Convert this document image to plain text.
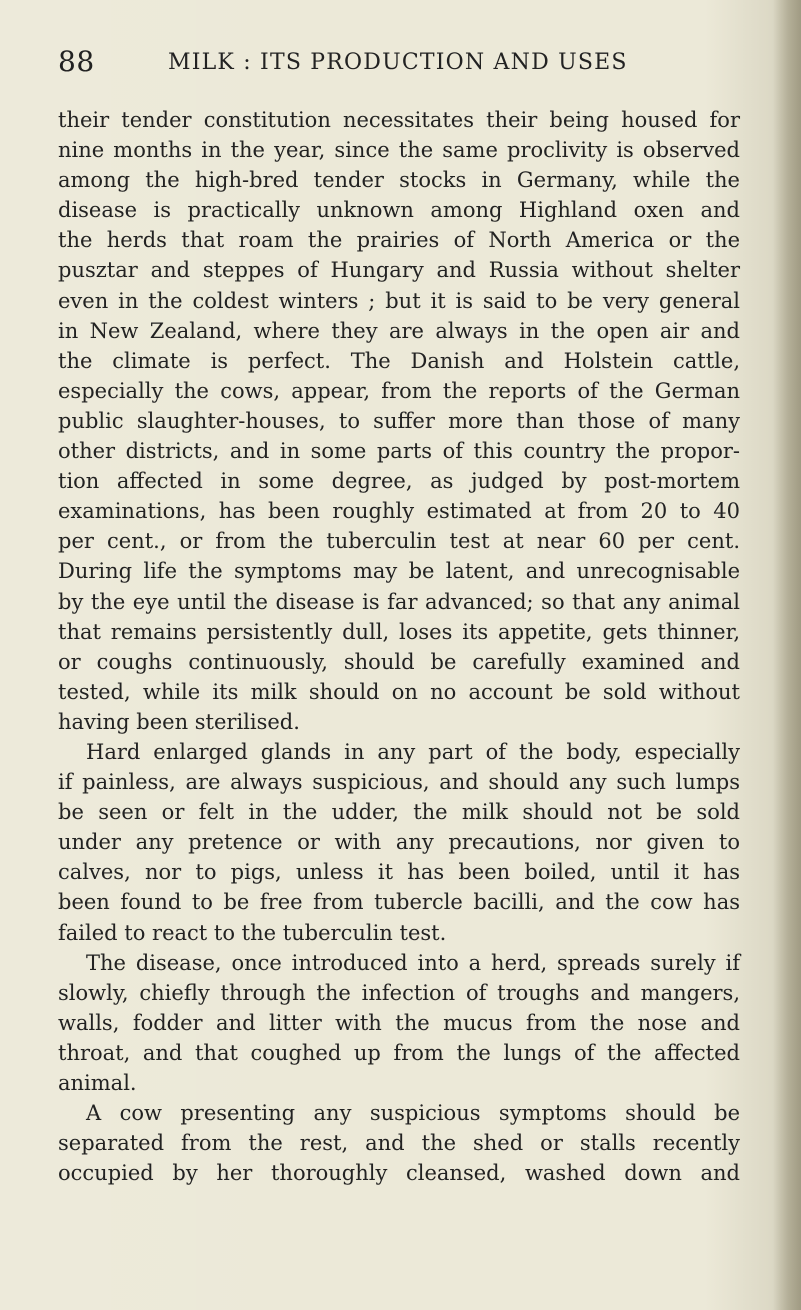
88	MILK : ITS PRODUCTION AND USES
their tender constitution necessitates their being housed for
nine months in the year, since the same proclivity is observed
among the high-bred tender stocks in Germany, while the
disease is practically unknown among Highland oxen and
the herds that roam the prairies of North America or the
pusztar and steppes of Hungary and Russia without shelter
even in the coldest winters ; but it is said to be very general
in New Zealand, where they are always in the open air and
the climate is perfect. The Danish and Holstein cattle,
especially the cows, appear, from the reports of the German
public slaughter-houses, to suffer more than those of many
other districts, and in some parts of this country the propor-
tion affected in some degree, as judged by post-mortem
examinations, has been roughly estimated at from 20 to 40
per cent., or from the tuberculin test at near 60 per cent.
During life the symptoms may be latent, and unrecognisable
by the eye until the disease is far advanced; so that any animal
that remains persistently dull, loses its appetite, gets thinner,
or coughs continuously, should be carefully examined and
tested, while its milk should on no account be sold without
having been sterilised.
Hard enlarged glands in any part of the body, especially
if painless, are always suspicious, and should any such lumps
be seen or felt in the udder, the milk should not be sold
under any pretence or with any precautions, nor given to
calves, nor to pigs, unless it has been boiled, until it has
been found to be free from tubercle bacilli, and the cow has
failed to react to the tuberculin test.
The disease, once introduced into a herd, spreads surely if
slowly, chiefly through the infection of troughs and mangers,
walls, fodder and litter with the mucus from the nose and
throat, and that coughed up from the lungs of the affected
animal.
A cow presenting any suspicious symptoms should be
separated from the rest, and the shed or stalls recently
occupied by her thoroughly cleansed, washed down and
